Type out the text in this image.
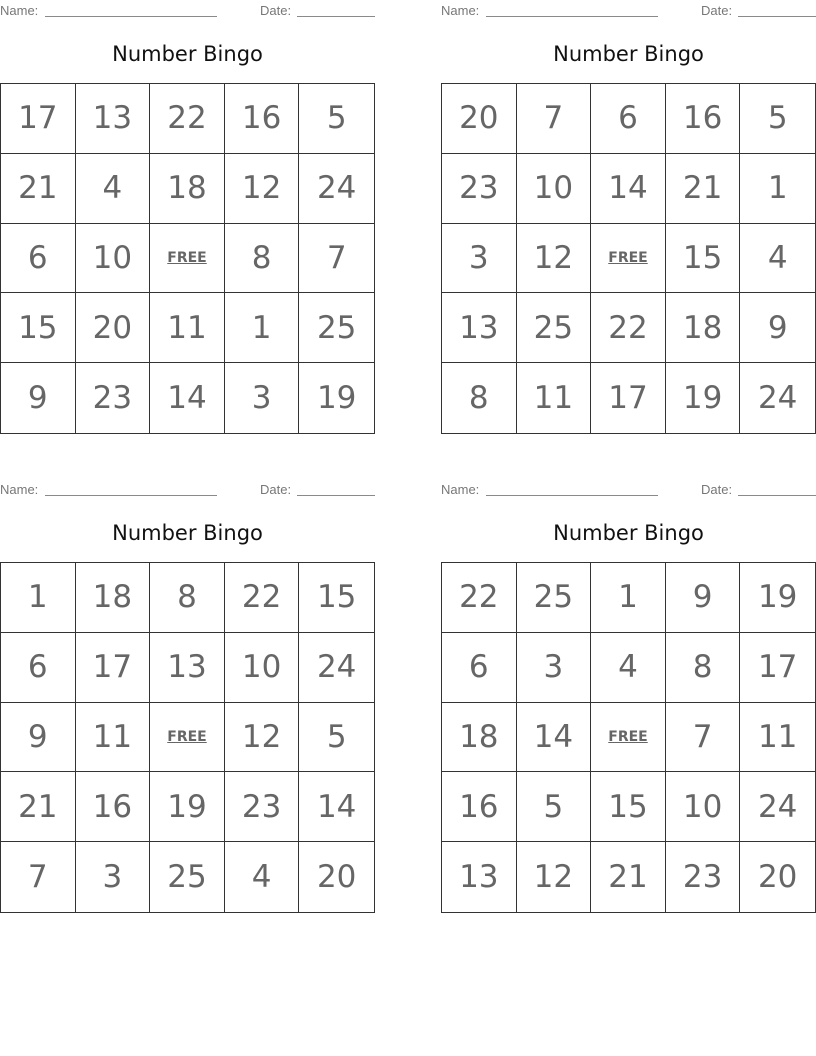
Name:	Date:
Number Bingo
17	13	22	16	5
21	4	18	12	24
6	10	FREE	8	7
15	20	11	1	25
9	23	14	3	19
Name:	Date:
Number Bingo
20	7	6	16	5
23	10	14	21	1
3	12	FREE	15	4
13	25	22	18	9
8	11	17	19	24
Name:	Date:
Number Bingo
1	18	8	22	15
6	17	13	10	24
9	11	FREE	12	5
21	16	19	23	14
7	3	25	4	20
Name:	Date:
Number Bingo
22	25	1	9	19
6	3	4	8	17
18	14	FREE	7	11
16	5	15	10	24
13	12	21	23	20
